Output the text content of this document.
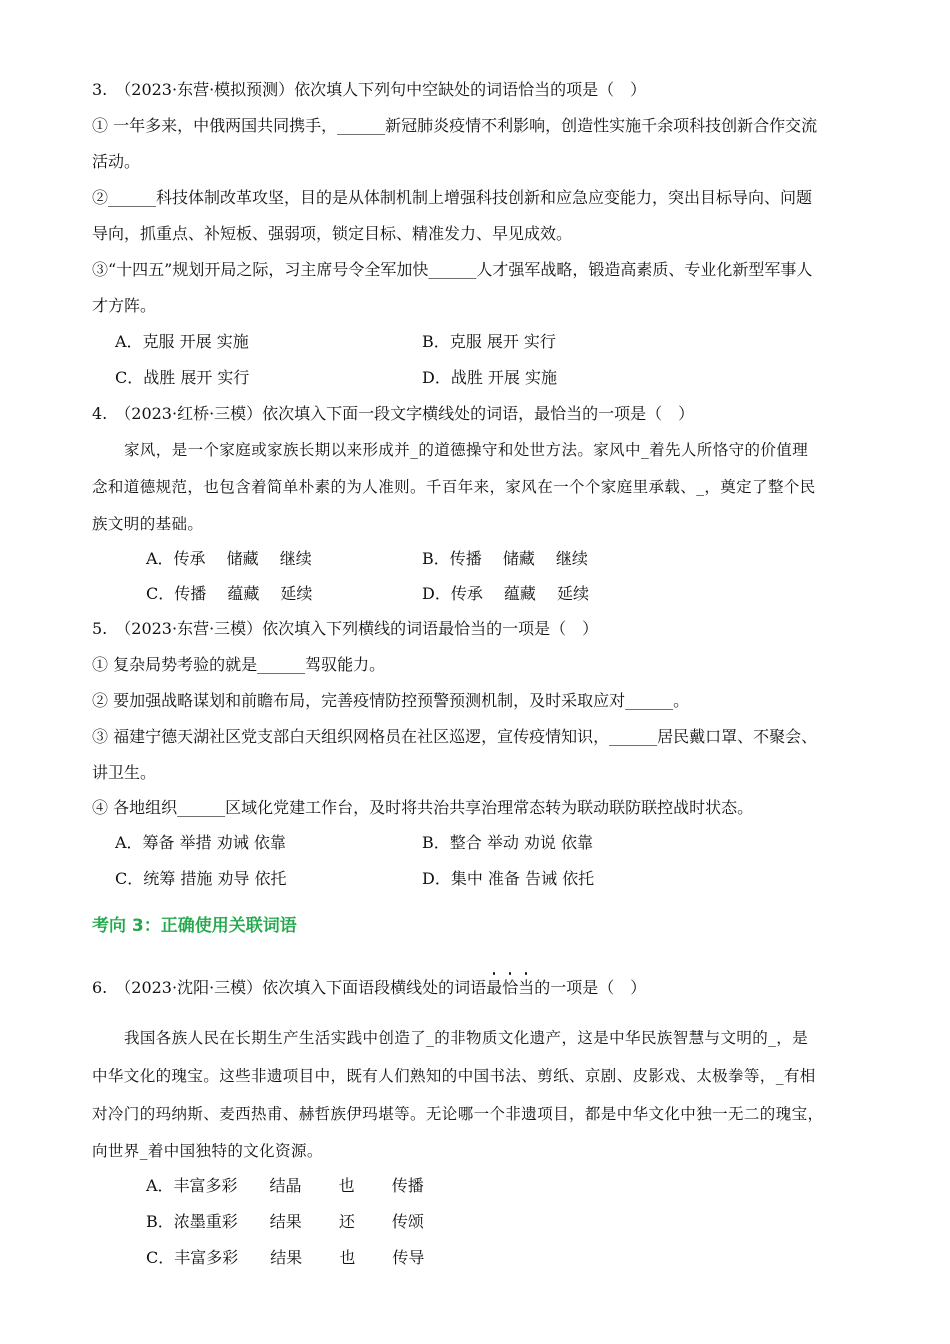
3.　（2023·东营·模拟预测）依次填人下列句中空缺处的词语恰当的项是（　）
① 一年多来，中俄两国共同携手，______新冠肺炎疫情不利影响，创造性实施千余项科技创新合作交流
活动。
②______科技体制改革攻坚，目的是从体制机制上增强科技创新和应急应变能力，突出目标导向、问题
导向，抓重点、补短板、强弱项，锁定目标、精准发力、早见成效。
③“十四五”规划开局之际，习主席号令全军加快______人才强军战略，锻造高素质、专业化新型军事人
才方阵。
A．克服 开展 实施	B．克服 展开 实行
C．战胜 展开 实行	D．战胜 开展 实施
4.　（2023·红桥·三模）依次填入下面一段文字横线处的词语，最恰当的一项是（　）
家风，是一个家庭或家族长期以来形成并_的道德操守和处世方法。家风中_着先人所恪守的价值理
念和道德规范，也包含着简单朴素的为人准则。千百年来，家风在一个个家庭里承载、_，奠定了整个民
族文明的基础。
A．传承　 储藏　 继续	B．传播　 储藏　 继续
C．传播　 蕴藏　 延续	D．传承　 蕴藏　 延续
5.　（2023·东营·三模）依次填入下列横线的词语最恰当的一项是（　）
① 复杂局势考验的就是______驾驭能力。
② 要加强战略谋划和前瞻布局，完善疫情防控预警预测机制，及时采取应对______。
③ 福建宁德天湖社区党支部白天组织网格员在社区巡逻，宣传疫情知识，______居民戴口罩、不聚会、
讲卫生。
④ 各地组织______区域化党建工作台，及时将共治共享治理常态转为联动联防联控战时状态。
A．筹备 举措 劝诫 依靠	B．整合 举动 劝说 依靠
C．统筹 措施 劝导 依托	D．集中 准备 告诫 依托
考向 3：正确使用关联词语
6.　（2023·沈阳·三模）依次填入下面语段横线处的词语最恰当的一项是（　）
我国各族人民在长期生产生活实践中创造了_的非物质文化遗产，这是中华民族智慧与文明的_，是
中华文化的瑰宝。这些非遗项目中，既有人们熟知的中国书法、剪纸、京剧、皮影戏、太极拳等，_有相
对冷门的玛纳斯、麦西热甫、赫哲族伊玛堪等。无论哪一个非遗项目，都是中华文化中独一无二的瑰宝，
向世界_着中国独特的文化资源。
A．丰富多彩　　结晶　　 也　　 传播
B．浓墨重彩　　结果　　 还　　 传颂
C．丰富多彩　　结果　　 也　　 传导
